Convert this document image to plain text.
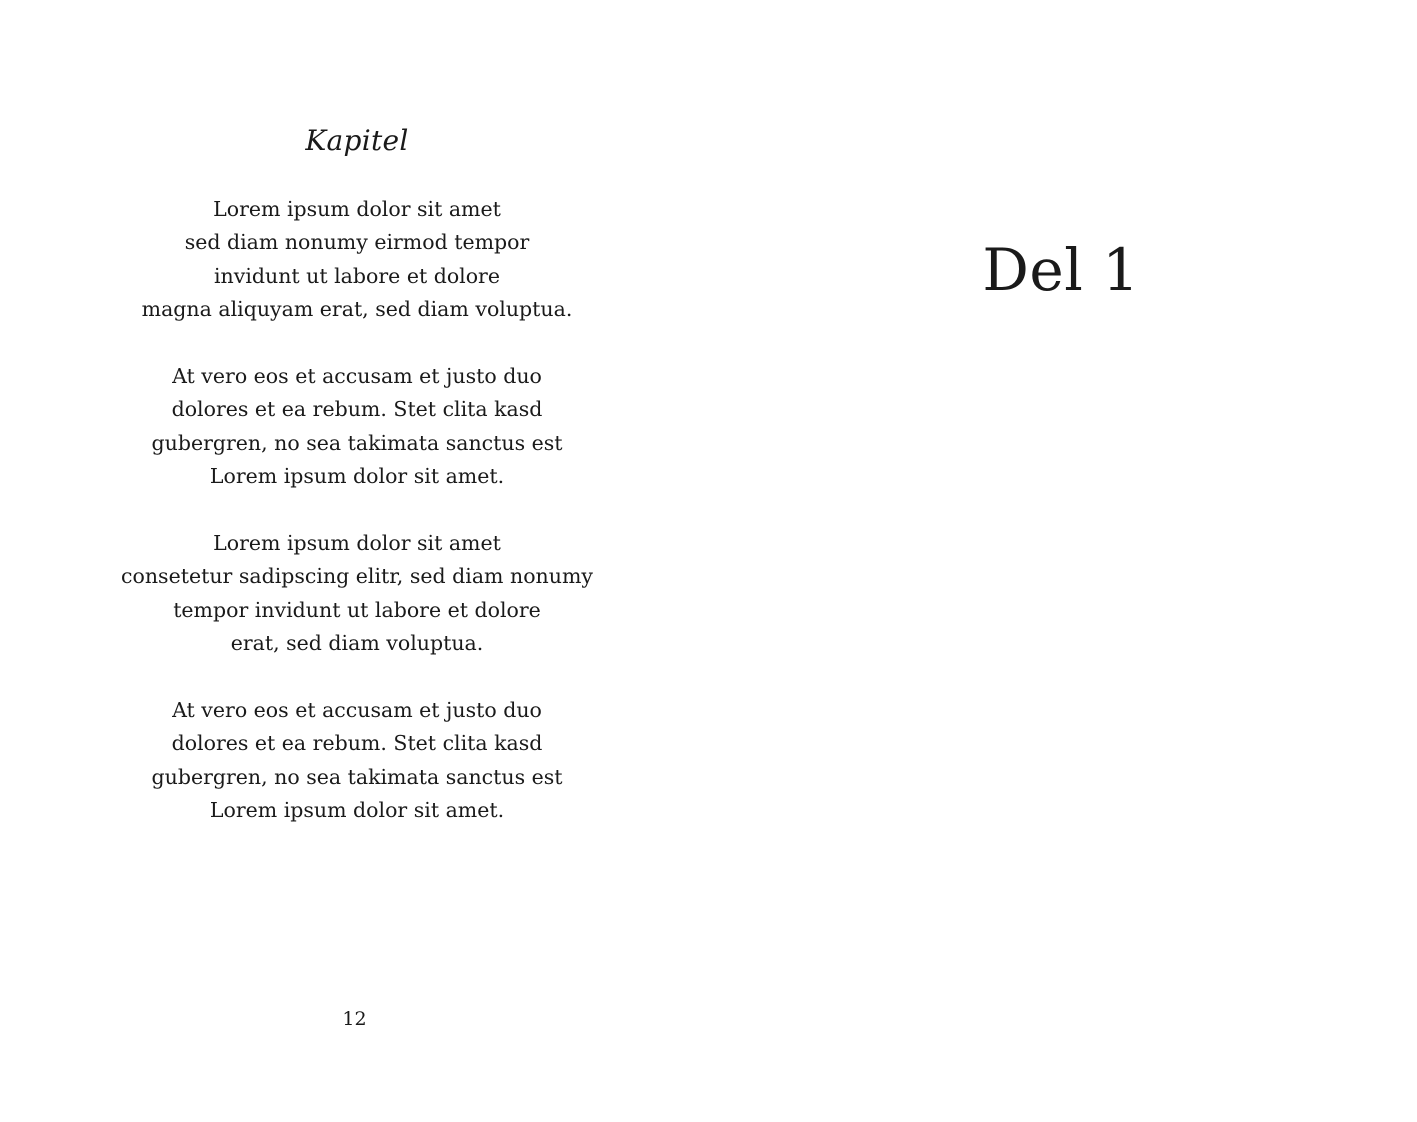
Kapitel

Lorem ipsum dolor sit amet
sed diam nonumy eirmod tempor
invidunt ut labore et dolore
magna aliquyam erat, sed diam voluptua.

At vero eos et accusam et justo duo
dolores et ea rebum. Stet clita kasd
gubergren, no sea takimata sanctus est
Lorem ipsum dolor sit amet.

Lorem ipsum dolor sit amet
consetetur sadipscing elitr, sed diam nonumy
tempor invidunt ut labore et dolore
erat, sed diam voluptua.

At vero eos et accusam et justo duo
dolores et ea rebum. Stet clita kasd
gubergren, no sea takimata sanctus est
Lorem ipsum dolor sit amet.

12
Del 1
